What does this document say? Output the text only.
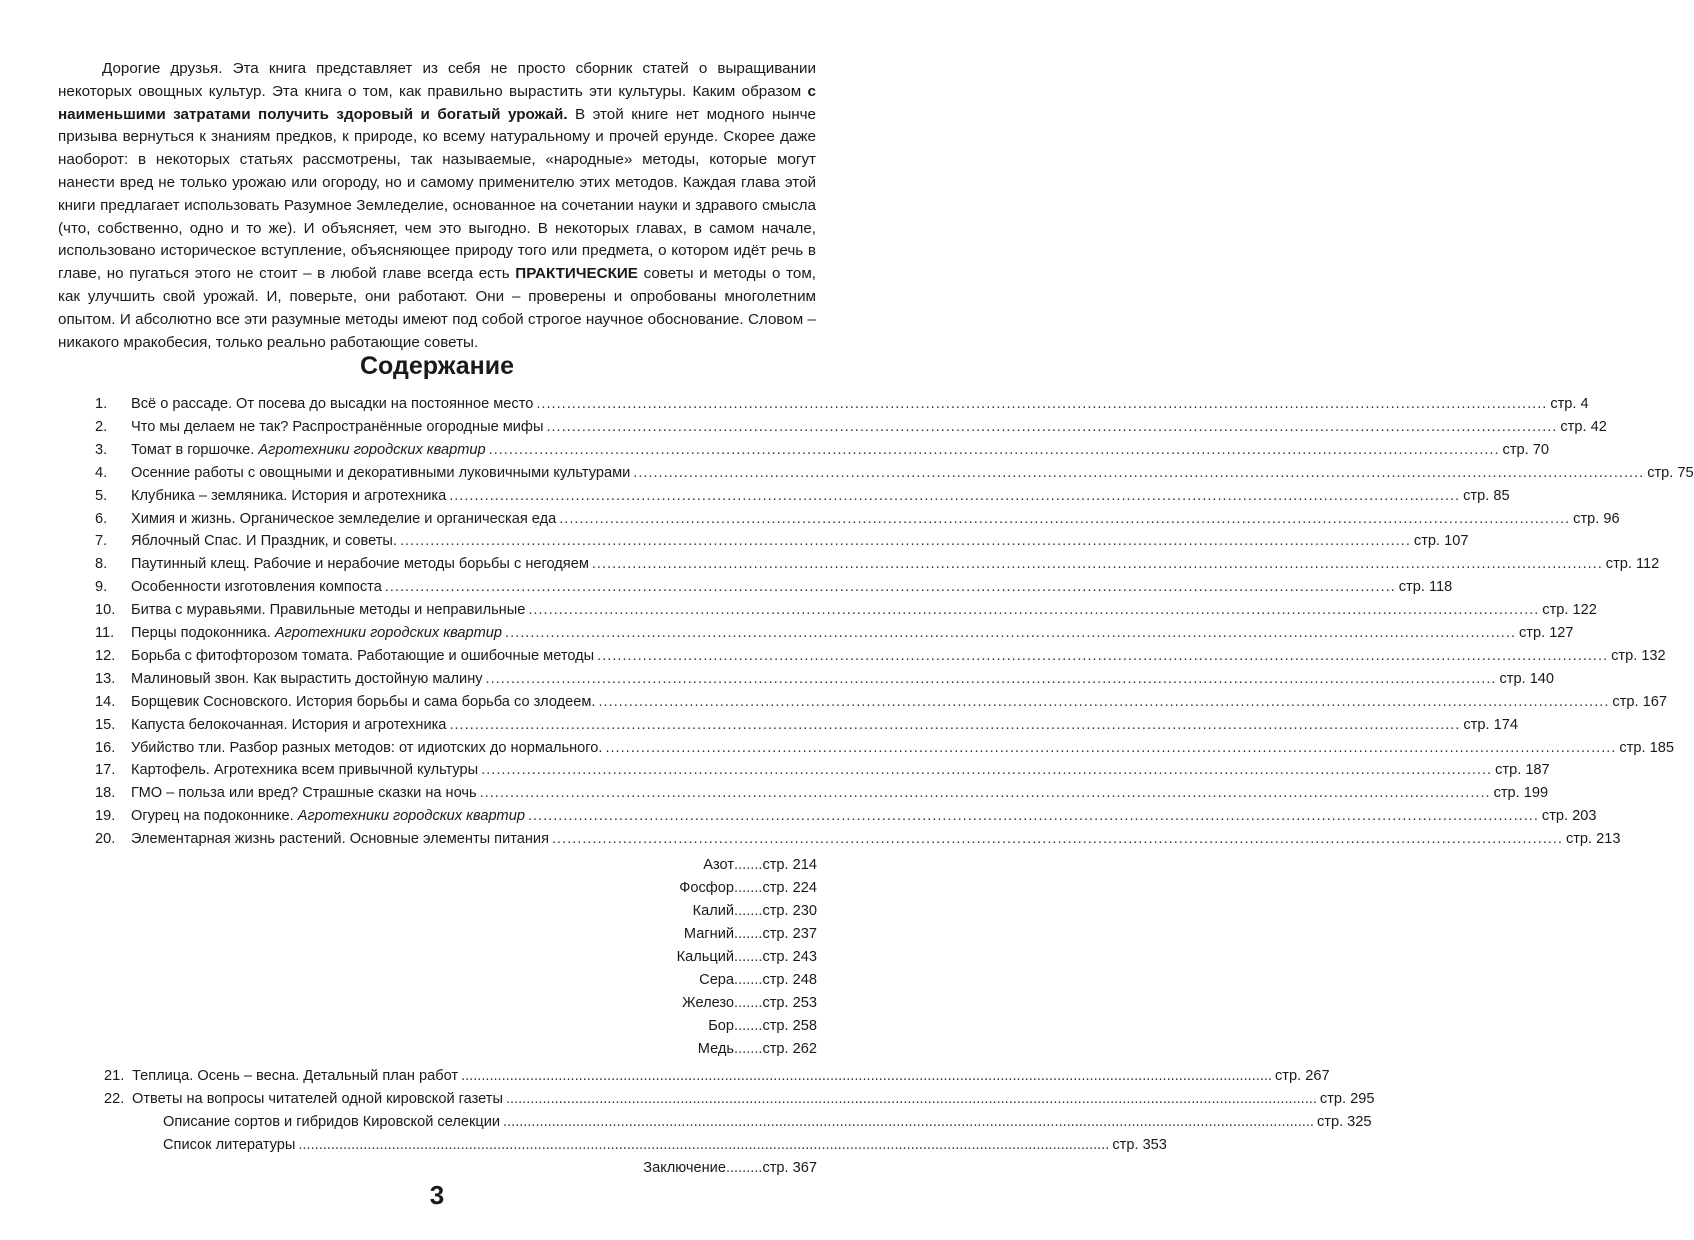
Дорогие друзья. Эта книга представляет из себя не просто сборник статей о выращивании некоторых овощных культур. Эта книга о том, как правильно вырастить эти культуры. Каким образом с наименьшими затратами получить здоровый и богатый урожай. В этой книге нет модного нынче призыва вернуться к знаниям предков, к природе, ко всему натуральному и прочей ерунде. Скорее даже наоборот: в некоторых статьях рассмотрены, так называемые, «народные» методы, которые могут нанести вред не только урожаю или огороду, но и самому применителю этих методов. Каждая глава этой книги предлагает использовать Разумное Земледелие, основанное на сочетании науки и здравого смысла (что, собственно, одно и то же). И объясняет, чем это выгодно. В некоторых главах, в самом начале, использовано историческое вступление, объясняющее природу того или предмета, о котором идёт речь в главе, но пугаться этого не стоит – в любой главе всегда есть ПРАКТИЧЕСКИЕ советы и методы о том, как улучшить свой урожай. И, поверьте, они работают. Они – проверены и опробованы многолетним опытом. И абсолютно все эти разумные методы имеют под собой строгое научное обоснование. Словом – никакого мракобесия, только реально работающие советы.
Содержание
1.	Всё о рассаде. От посева до высадки на постоянное место ........................................................................................................................................................................................................ стр. 4
2.	Что мы делаем не так? Распространённые огородные мифы ........................................................................................................................................................................................................ стр. 42
3.	Томат в горшочке. Агротехники городских квартир ........................................................................................................................................................................................................ стр. 70
4.	Осенние работы с овощными и декоративными луковичными культурами ........................................................................................................................................................................................................ стр. 75
5.	Клубника – земляника. История и агротехника ........................................................................................................................................................................................................ стр. 85
6.	Химия и жизнь. Органическое земледелие и органическая еда ........................................................................................................................................................................................................ стр. 96
7.	Яблочный Спас. И Праздник, и советы. ........................................................................................................................................................................................................ стр. 107
8.	Паутинный клещ. Рабочие и нерабочие методы борьбы с негодяем ........................................................................................................................................................................................................ стр. 112
9.	Особенности изготовления компоста ........................................................................................................................................................................................................ стр. 118
10.	Битва с муравьями. Правильные методы и неправильные ........................................................................................................................................................................................................ стр. 122
11.	Перцы подоконника. Агротехники городских квартир ........................................................................................................................................................................................................ стр. 127
12.	Борьба с фитофторозом томата. Работающие и ошибочные методы ........................................................................................................................................................................................................ стр. 132
13.	Малиновый звон. Как вырастить достойную малину ........................................................................................................................................................................................................ стр. 140
14.	Борщевик Сосновского. История борьбы и сама борьба со злодеем. ........................................................................................................................................................................................................ стр. 167
15.	Капуста белокочанная. История и агротехника ........................................................................................................................................................................................................ стр. 174
16.	Убийство тли. Разбор разных методов: от идиотских до нормального. ........................................................................................................................................................................................................ стр. 185
17.	Картофель. Агротехника всем привычной культуры ........................................................................................................................................................................................................ стр. 187
18.	ГМО – польза или вред? Страшные сказки на ночь ........................................................................................................................................................................................................ стр. 199
19.	Огурец на подоконнике. Агротехники городских квартир ........................................................................................................................................................................................................ стр. 203
20.	Элементарная жизнь растений. Основные элементы питания ........................................................................................................................................................................................................ стр. 213
Азот ....... стр. 214
Фосфор ....... стр. 224
Калий ....... стр. 230
Магний ....... стр. 237
Кальций ....... стр. 243
Сера ....... стр. 248
Железо ....... стр. 253
Бор ....... стр. 258
Медь ....... стр. 262
21. Теплица. Осень – весна. Детальный план работ ........................................................................................................................................................................................................ стр. 267
22. Ответы на вопросы читателей одной кировской газеты ........................................................................................................................................................................................................ стр. 295
Описание сортов и гибридов Кировской селекции ........................................................................................................................................................................................................ стр. 325
Список литературы ........................................................................................................................................................................................................ стр. 353
Заключение ......... стр. 367
3
